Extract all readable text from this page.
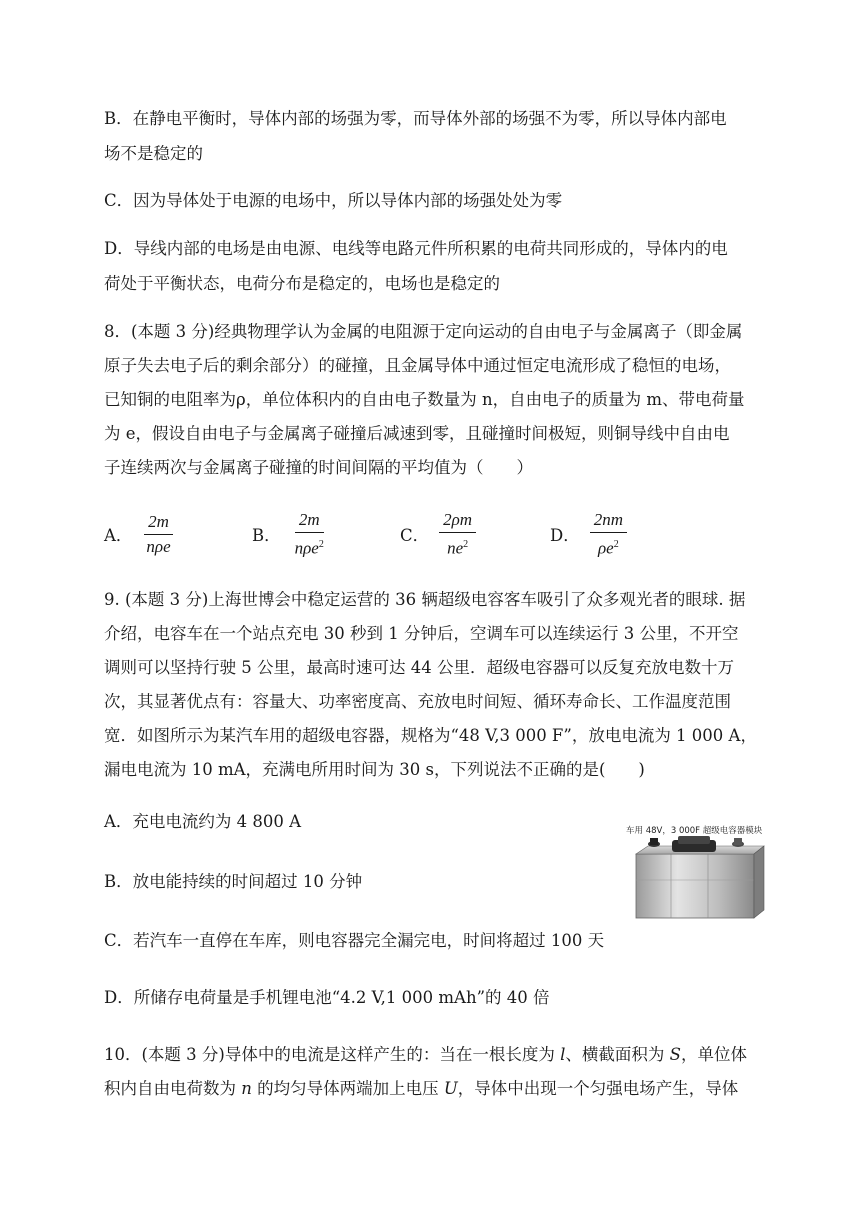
B．在静电平衡时，导体内部的场强为零，而导体外部的场强不为零，所以导体内部电
场不是稳定的
C．因为导体处于电源的电场中，所以导体内部的场强处处为零
D．导线内部的电场是由电源、电线等电路元件所积累的电荷共同形成的，导体内的电
荷处于平衡状态，电荷分布是稳定的，电场也是稳定的
8．(本题 3 分)经典物理学认为金属的电阻源于定向运动的自由电子与金属离子（即金属
原子失去电子后的剩余部分）的碰撞，且金属导体中通过恒定电流形成了稳恒的电场，
已知铜的电阻率为ρ，单位体积内的自由电子数量为 n，自由电子的质量为 m、带电荷量
为 e，假设自由电子与金属离子碰撞后减速到零，且碰撞时间极短，则铜导线中自由电
子连续两次与金属离子碰撞的时间间隔的平均值为（　　）
A． $\frac{2m}{\text{nρe}}$	B． $\frac{2m}{n\rho e^2}$	C． $\frac{2\rho m}{ne^2}$	D． $\frac{2nm}{\rho e^2}$
9. (本题 3 分)上海世博会中稳定运营的 36 辆超级电容客车吸引了众多观光者的眼球. 据
介绍，电容车在一个站点充电 30 秒到 1 分钟后，空调车可以连续运行 3 公里，不开空
调则可以坚持行驶 5 公里，最高时速可达 44 公里．超级电容器可以反复充放电数十万
次，其显著优点有：容量大、功率密度高、充放电时间短、循环寿命长、工作温度范围
宽．如图所示为某汽车用的超级电容器，规格为“48 V,3 000 F”，放电电流为 1 000 A，
漏电电流为 10 mA，充满电所用时间为 30 s，下列说法不正确的是(　　)
A．充电电流约为 4 800 A
B．放电能持续的时间超过 10 分钟
C．若汽车一直停在车库，则电容器完全漏完电，时间将超过 100 天
D．所储存电荷量是手机锂电池“4.2 V,1 000 mAh”的 40 倍
车用 48V，3 000F 超级电容器模块
10．(本题 3 分)导体中的电流是这样产生的：当在一根长度为 l、横截面积为 S，单位体
积内自由电荷数为 n 的均匀导体两端加上电压 U，导体中出现一个匀强电场产生，导体
